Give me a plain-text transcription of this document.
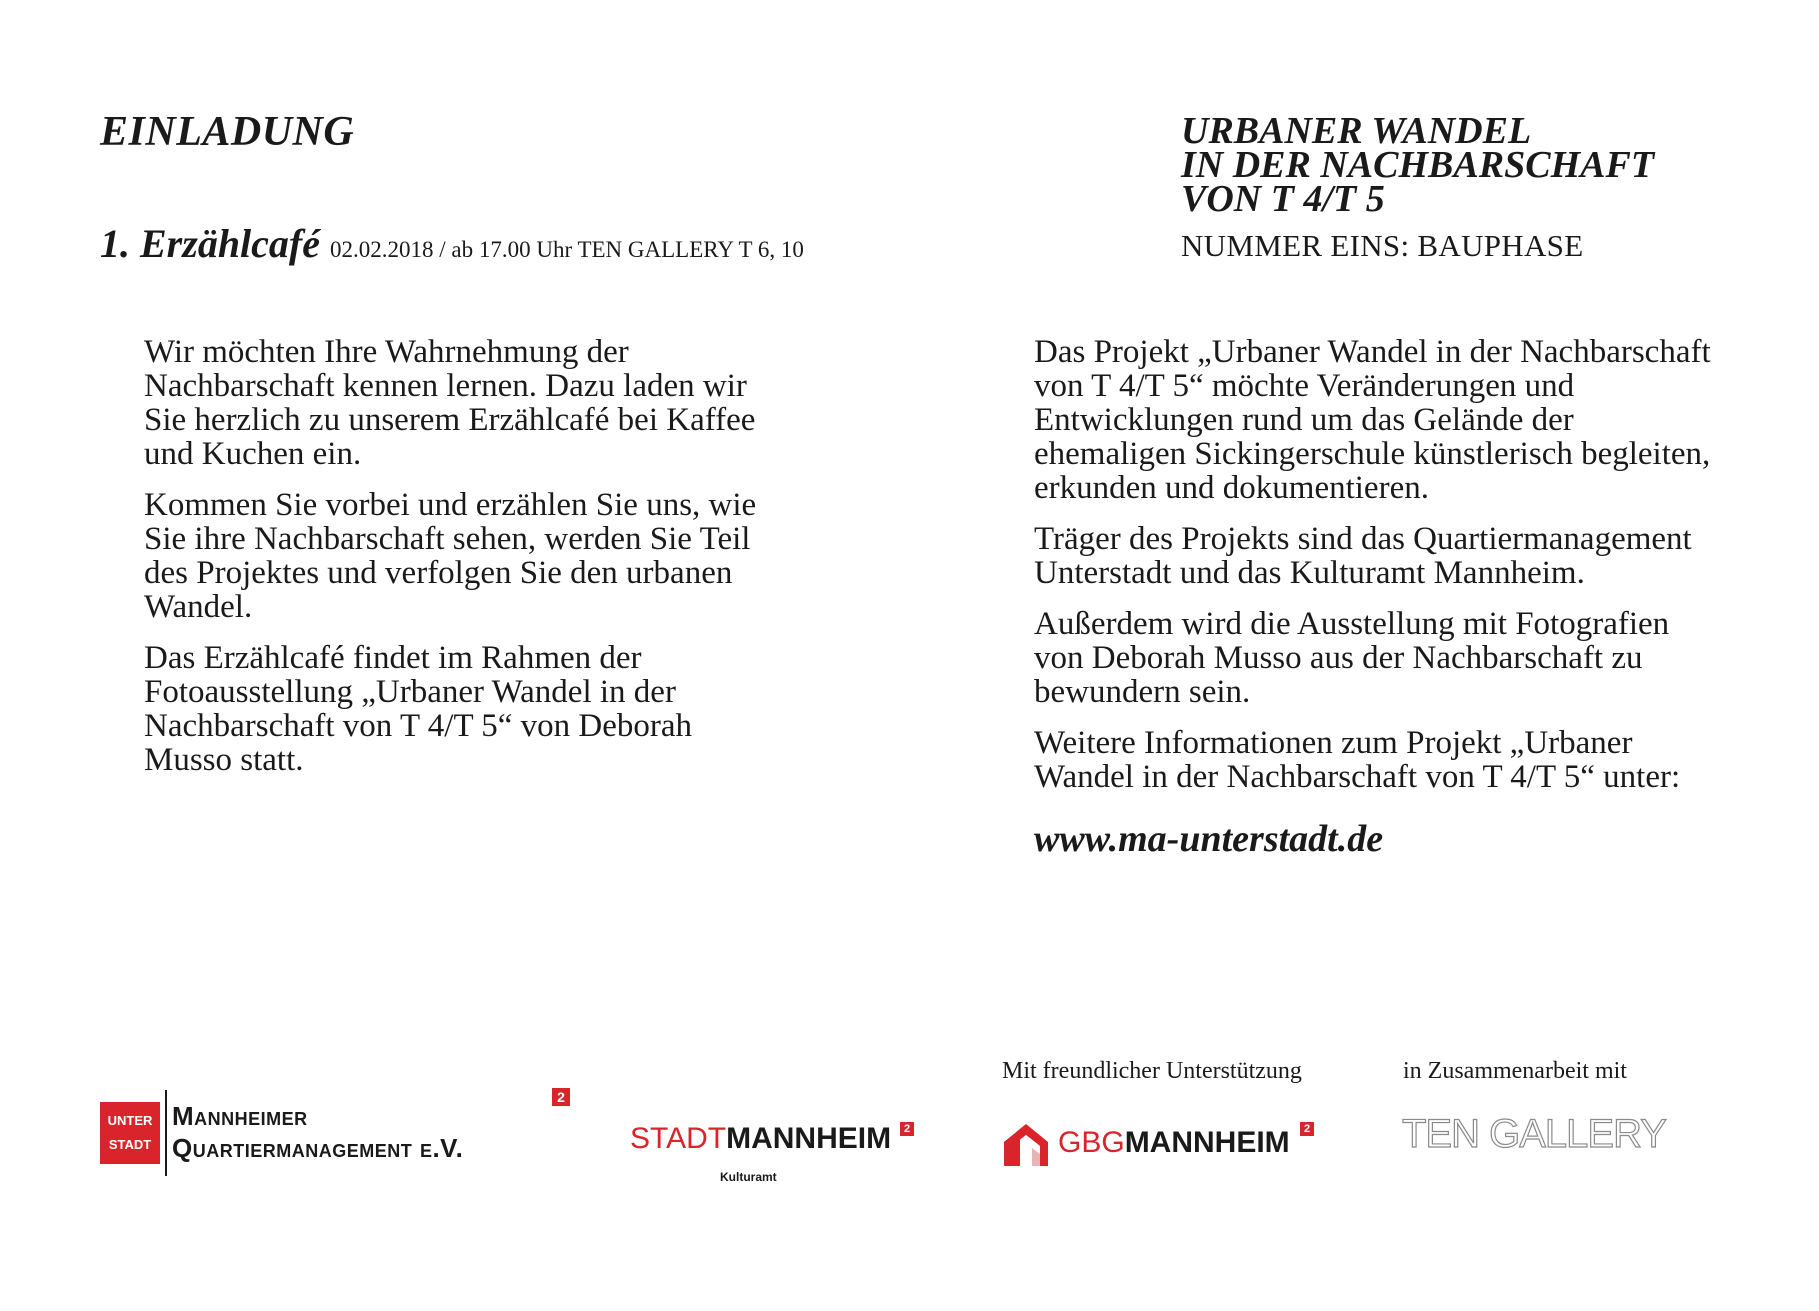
EINLADUNG
1. Erzählcafé 02.02.2018 / ab 17.00 Uhr TEN GALLERY T 6, 10
URBANER WANDEL
IN DER NACHBARSCHAFT
VON T 4/T 5
NUMMER EINS: BAUPHASE

Wir möchten Ihre Wahrnehmung der Nachbarschaft kennen lernen. Dazu laden wir Sie herzlich zu unserem Erzählcafé bei Kaffee und Kuchen ein.

Kommen Sie vorbei und erzählen Sie uns, wie Sie ihre Nachbarschaft sehen, werden Sie Teil des Projektes und verfolgen Sie den urbanen Wandel.

Das Erzählcafé findet im Rahmen der Fotoausstellung „Urbaner Wandel in der Nachbarschaft von T 4/T 5“ von Deborah Musso statt.

Das Projekt „Urbaner Wandel in der Nachbarschaft von T 4/T 5“ möchte Veränderungen und Entwicklungen rund um das Gelände der ehemaligen Sickingerschule künstlerisch begleiten, erkunden und dokumentieren.

Träger des Projekts sind das Quartiermanagement Unterstadt und das Kulturamt Mannheim.

Außerdem wird die Ausstellung mit Fotografien von Deborah Musso aus der Nachbarschaft zu bewundern sein.

Weitere Informationen zum Projekt „Urbaner Wandel in der Nachbarschaft von T 4/T 5“ unter:

www.ma-unterstadt.de
Mit freundlicher Unterstützung	in Zusammenarbeit mit
UNTER
STADT
Mannheimer
Quartiermanagement e.V.
2
STADTMANNHEIM	2
Kulturamt
GBGMANNHEIM	2 TEN GALLERY
